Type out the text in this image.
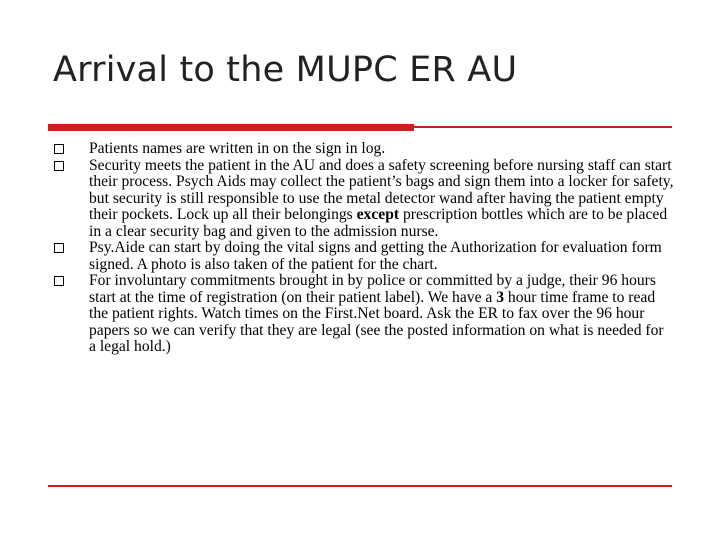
Arrival to the MUPC ER AU
Patients names are written in on the sign in log.
Security meets the patient in the AU and does a safety screening before nursing staff can start their process. Psych Aids may collect the patient’s bags and sign them into a locker for safety, but security is still responsible to use the metal detector wand after having the patient empty their pockets. Lock up all their belongings except prescription bottles which are to be placed in a clear security bag and given to the admission nurse.
Psy.Aide can start by doing the vital signs and getting the Authorization for evaluation form signed. A photo is also taken of the patient for the chart.
For involuntary commitments brought in by police or committed by a judge, their 96 hours start at the time of registration (on their patient label). We have a 3 hour time frame to read the patient rights. Watch times on the First.Net board. Ask the ER to fax over the 96 hour papers so we can verify that they are legal (see the posted information on what is needed for a legal hold.)
